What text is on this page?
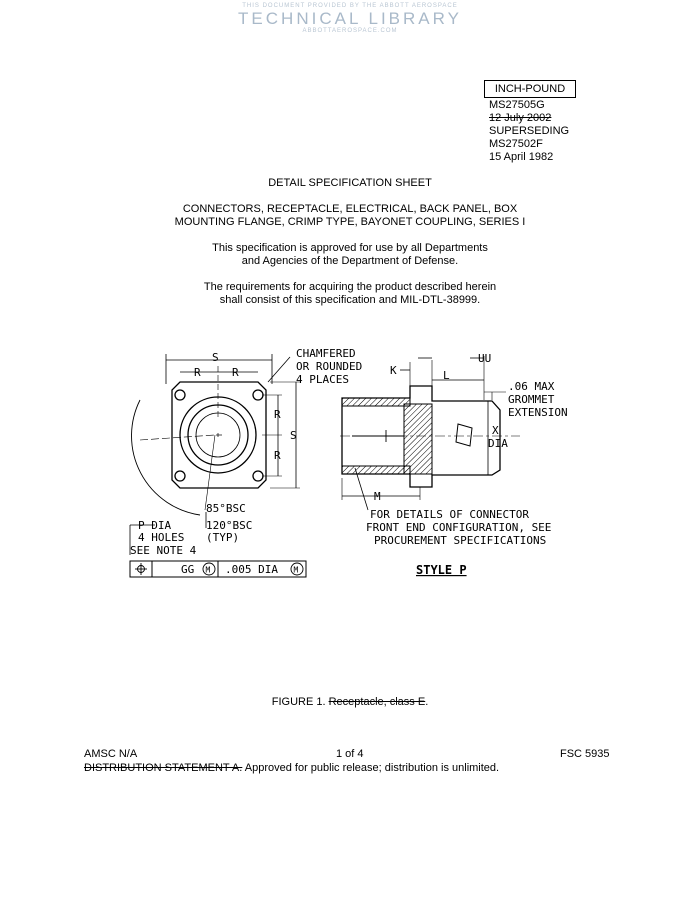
THIS DOCUMENT PROVIDED BY THE ABBOTT AEROSPACE
TECHNICAL LIBRARY
ABBOTTAEROSPACE.COM
INCH-POUND
MS27505G
12 July 2002
SUPERSEDING
MS27502F
15 April 1982
DETAIL SPECIFICATION SHEET
CONNECTORS, RECEPTACLE, ELECTRICAL, BACK PANEL, BOX
MOUNTING FLANGE, CRIMP TYPE, BAYONET COUPLING, SERIES I
This specification is approved for use by all Departments
and Agencies of the Department of Defense.
The requirements for acquiring the product described herein
shall consist of this specification and MIL-DTL-38999.
S
R	R
R
R
S
CHAMFERED
OR ROUNDED
4 PLACES
85°BSC
120°BSC
(TYP)
P DIA
4 HOLES
SEE NOTE 4
GG M .005 DIA M
K	L
UU
.06 MAX
GROMMET
EXTENSION
X
DIA
M
FOR DETAILS OF CONNECTOR
FRONT END CONFIGURATION, SEE
PROCUREMENT SPECIFICATIONS
STYLE P
FIGURE 1. Receptacle, class E.
AMSC N/A	1 of 4	FSC 5935
DISTRIBUTION STATEMENT A. Approved for public release; distribution is unlimited.
